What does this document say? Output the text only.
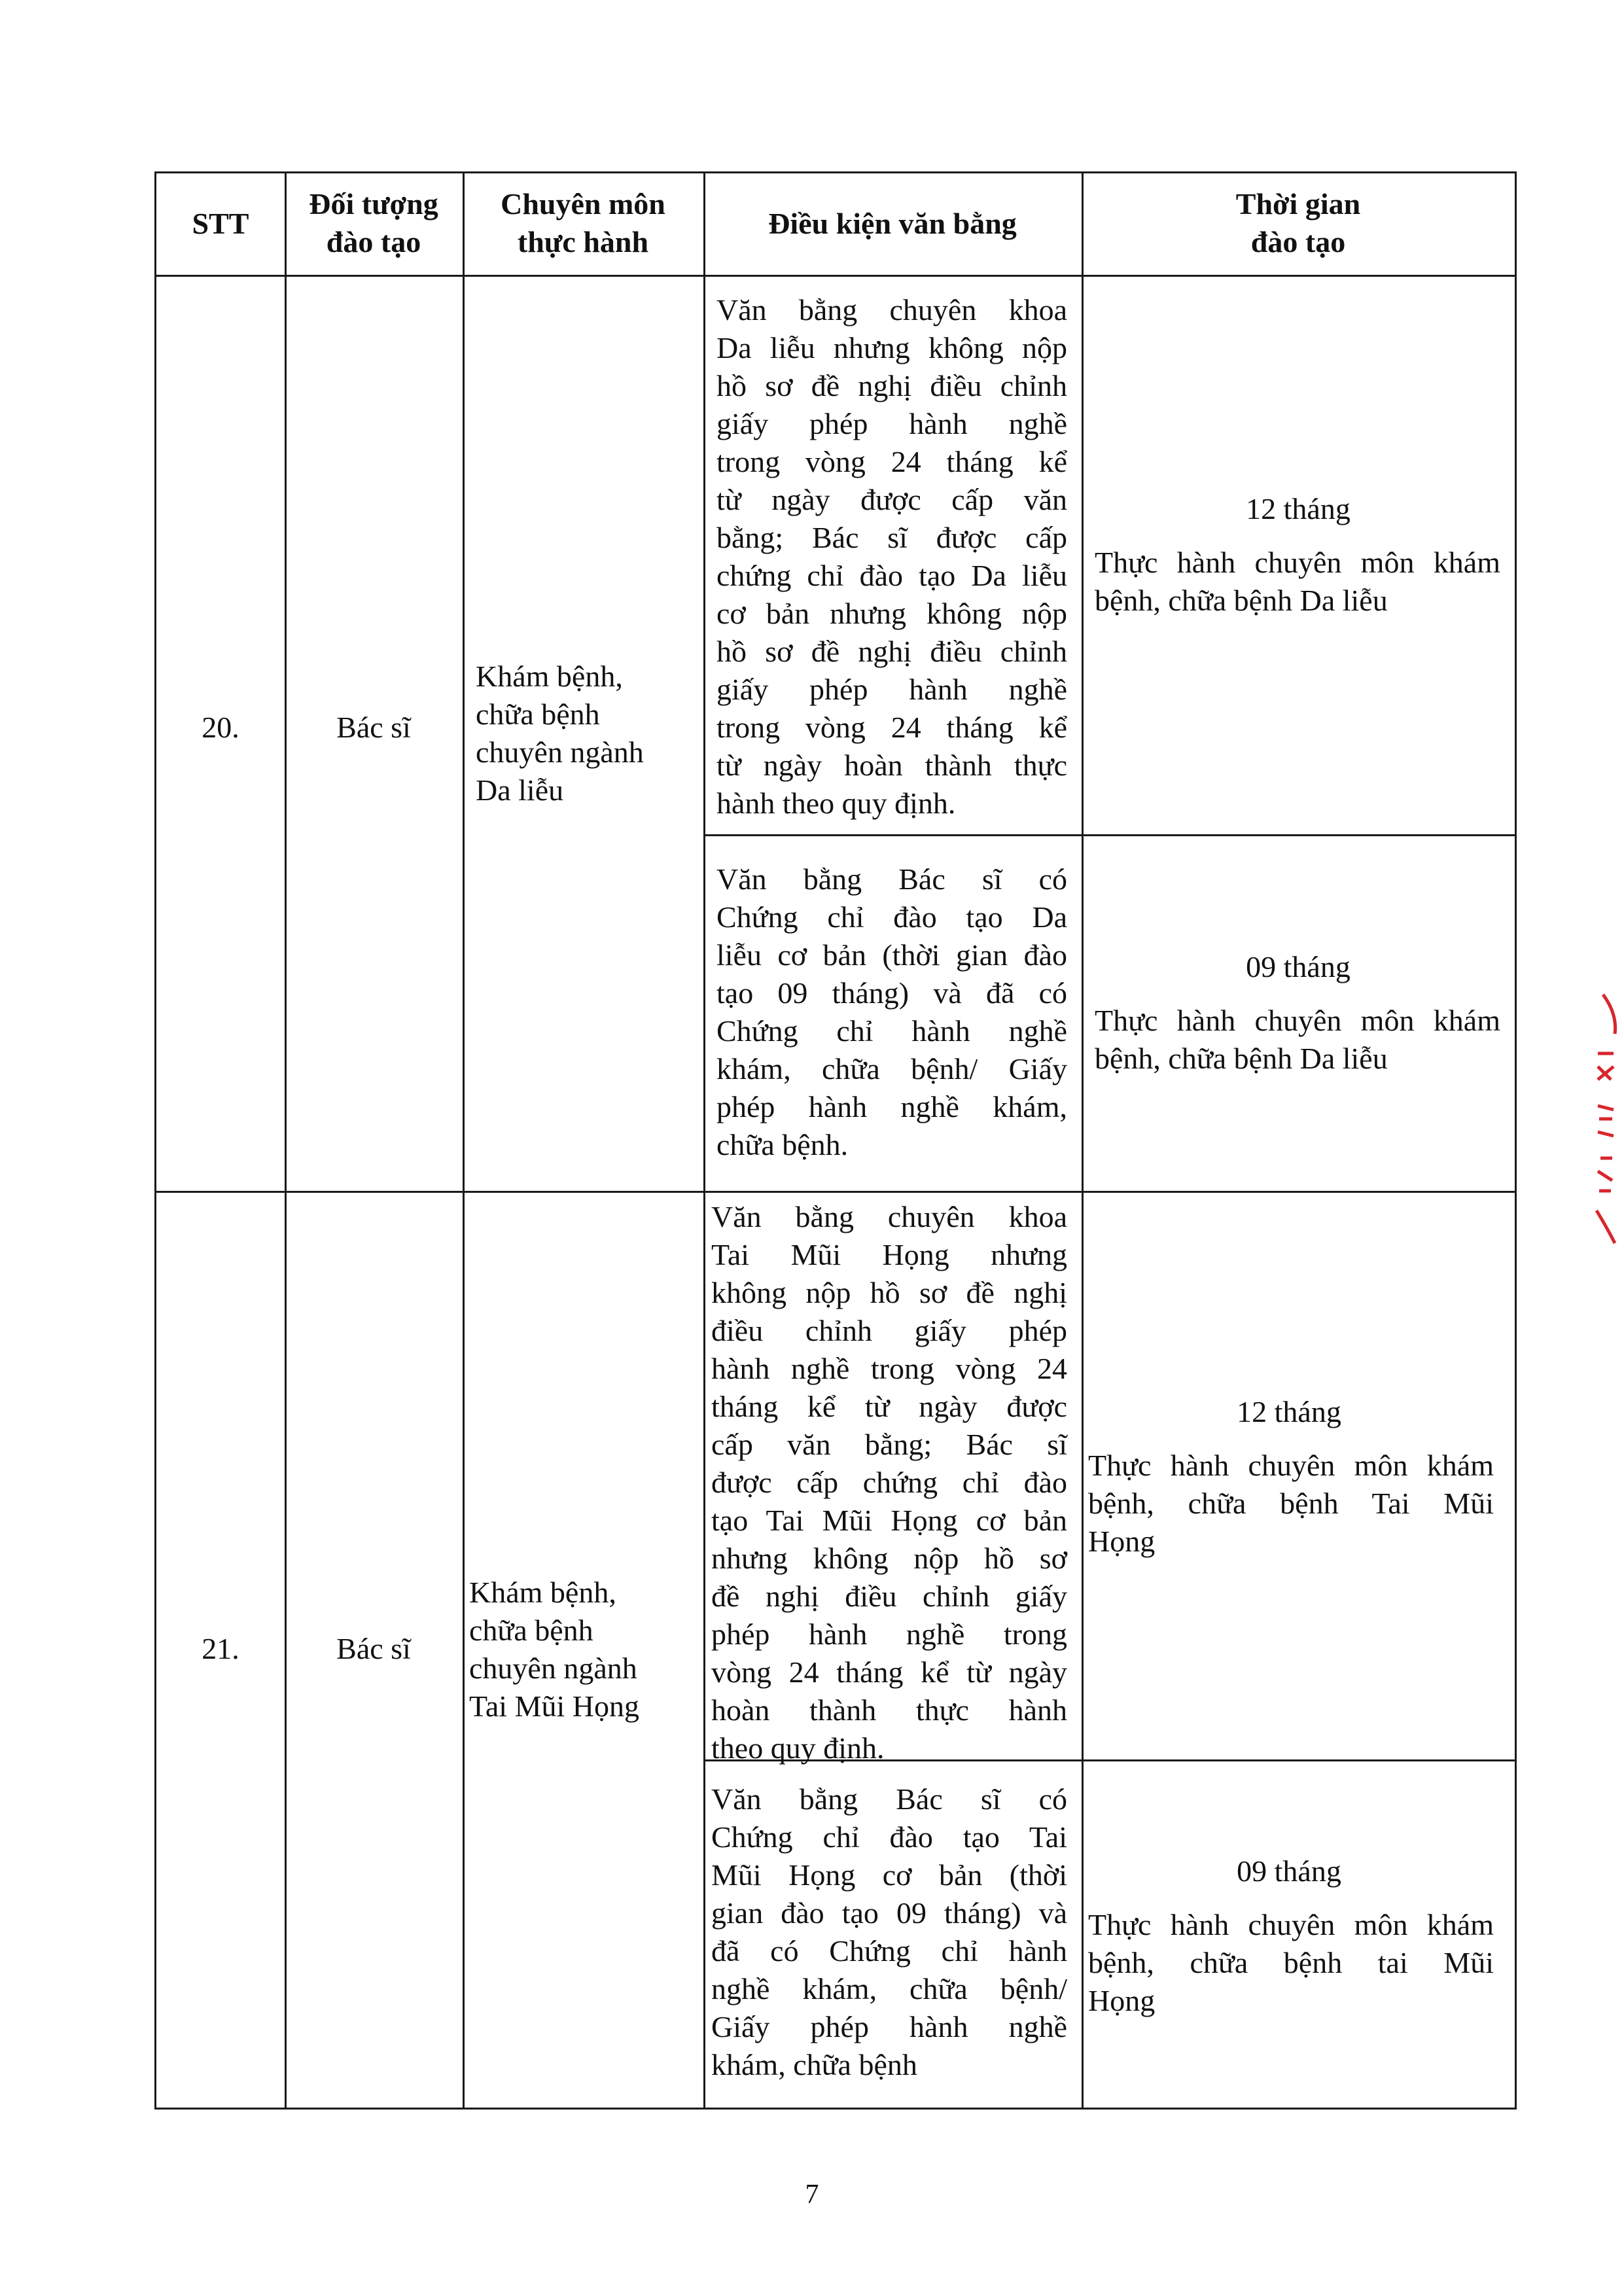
STT
Đối tượng
đào tạo
Chuyên môn
thực hành
Điều kiện văn bằng
Thời gian
đào tạo
20.	Bác sĩ
Khám bệnh,
chữa bệnh
chuyên ngành
Da liễu
Văn bằng chuyên khoa
Da liễu nhưng không nộp
hồ sơ đề nghị điều chỉnh
giấy phép hành nghề
trong vòng 24 tháng kể
từ ngày được cấp văn
bằng; Bác sĩ được cấp
chứng chỉ đào tạo Da liễu
cơ bản nhưng không nộp
hồ sơ đề nghị điều chỉnh
giấy phép hành nghề
trong vòng 24 tháng kể
từ ngày hoàn thành thực
hành theo quy định.
12 tháng
Thực hành chuyên môn khám
bệnh, chữa bệnh Da liễu
Văn bằng Bác sĩ có
Chứng chỉ đào tạo Da
liễu cơ bản (thời gian đào
tạo 09 tháng) và đã có
Chứng chỉ hành nghề
khám, chữa bệnh/ Giấy
phép hành nghề khám,
chữa bệnh.
09 tháng
Thực hành chuyên môn khám
bệnh, chữa bệnh Da liễu
21.	Bác sĩ
Khám bệnh,
chữa bệnh
chuyên ngành
Tai Mũi Họng
Văn bằng chuyên khoa
Tai Mũi Họng nhưng
không nộp hồ sơ đề nghị
điều chỉnh giấy phép
hành nghề trong vòng 24
tháng kể từ ngày được
cấp văn bằng; Bác sĩ
được cấp chứng chỉ đào
tạo Tai Mũi Họng cơ bản
nhưng không nộp hồ sơ
đề nghị điều chỉnh giấy
phép hành nghề trong
vòng 24 tháng kể từ ngày
hoàn thành thực hành
theo quy định.
12 tháng
Thực hành chuyên môn khám
bệnh, chữa bệnh Tai Mũi
Họng
Văn bằng Bác sĩ có
Chứng chỉ đào tạo Tai
Mũi Họng cơ bản (thời
gian đào tạo 09 tháng) và
đã có Chứng chỉ hành
nghề khám, chữa bệnh/
Giấy phép hành nghề
khám, chữa bệnh
09 tháng
Thực hành chuyên môn khám
bệnh, chữa bệnh tai Mũi
Họng
7
